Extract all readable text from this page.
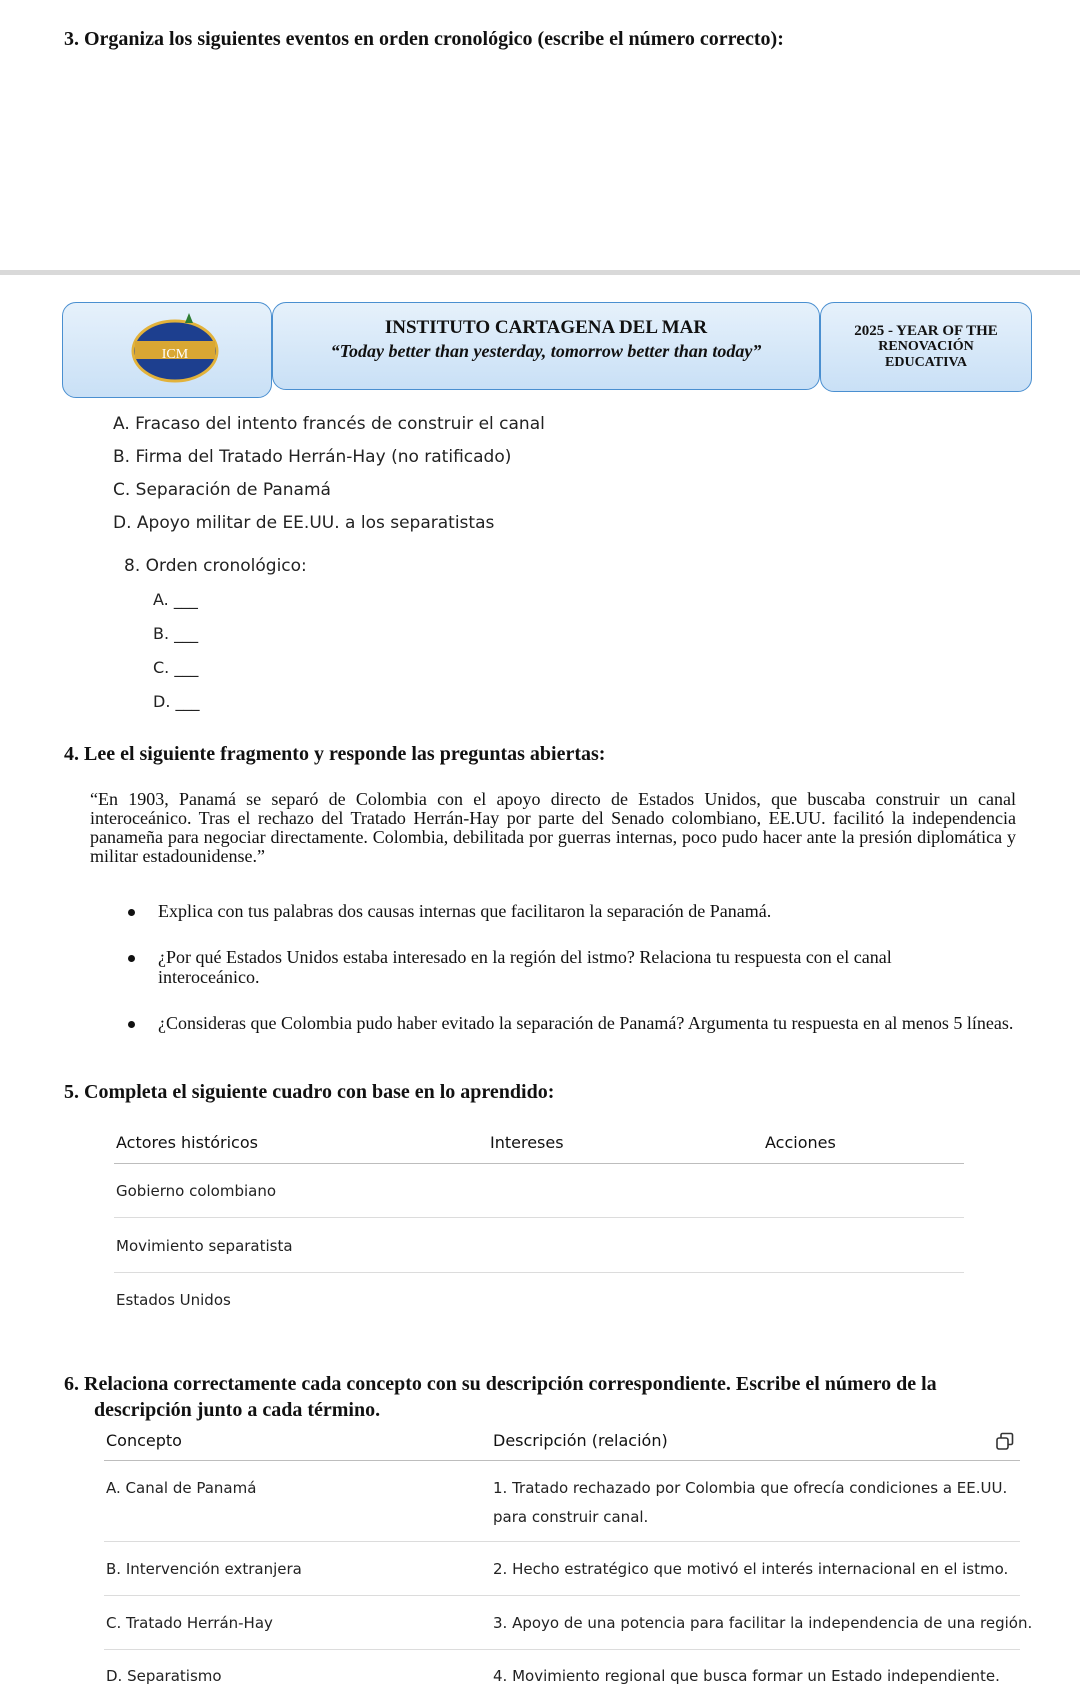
3. Organiza los siguientes eventos en orden cronológico (escribe el número correcto):
ICM
INSTITUTO CARTAGENA DEL MAR
“Today better than yesterday, tomorrow better than today”
2025 - YEAR OF THE
RENOVACIÓN
EDUCATIVA
A. Fracaso del intento francés de construir el canal
B. Firma del Tratado Herrán-Hay (no ratificado)
C. Separación de Panamá
D. Apoyo militar de EE.UU. a los separatistas
8. Orden cronológico:
A. ___
B. ___
C. ___
D. ___
4. Lee el siguiente fragmento y responde las preguntas abiertas:
“En 1903, Panamá se separó de Colombia con el apoyo directo de Estados Unidos, que buscaba construir un canal interoceánico. Tras el rechazo del Tratado Herrán-Hay por parte del Senado colombiano, EE.UU. facilitó la independencia panameña para negociar directamente. Colombia, debilitada por guerras internas, poco pudo hacer ante la presión diplomática y militar estadounidense.”
Explica con tus palabras dos causas internas que facilitaron la separación de Panamá.
¿Por qué Estados Unidos estaba interesado en la región del istmo? Relaciona tu respuesta con el canal interoceánico.
¿Consideras que Colombia pudo haber evitado la separación de Panamá? Argumenta tu respuesta en al menos 5 líneas.
5. Completa el siguiente cuadro con base en lo aprendido:
Actores históricos	Intereses	Acciones
Gobierno colombiano
Movimiento separatista
Estados Unidos
6. Relaciona correctamente cada concepto con su descripción correspondiente. Escribe el número de la
descripción junto a cada término.
Concepto	Descripción (relación)
A. Canal de Panamá	1. Tratado rechazado por Colombia que ofrecía condiciones a EE.UU.
para construir canal.
B. Intervención extranjera	2. Hecho estratégico que motivó el interés internacional en el istmo.
C. Tratado Herrán-Hay	3. Apoyo de una potencia para facilitar la independencia de una región.
D. Separatismo	4. Movimiento regional que busca formar un Estado independiente.
